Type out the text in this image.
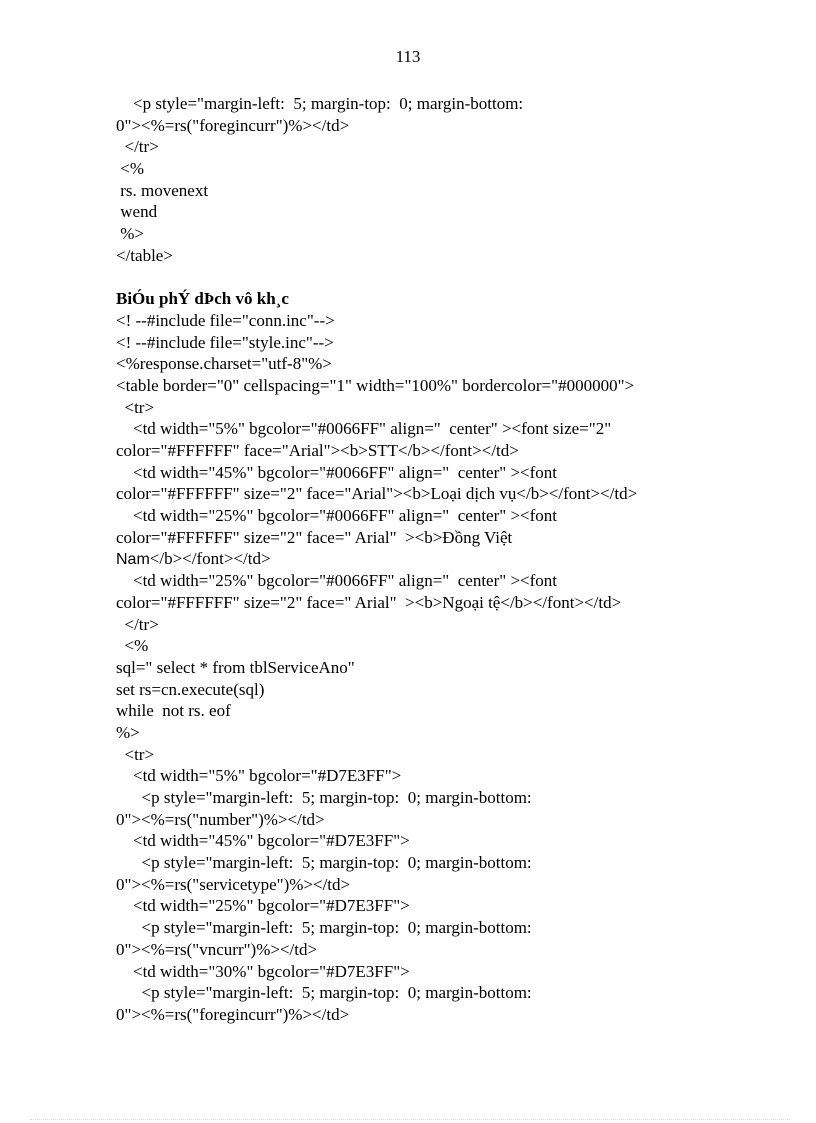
113
<p style="margin-left:  5; margin-top:  0; margin-bottom:
0"><%=rs("foregincurr")%></td>
</tr>
<%
rs. movenext
wend
%>
</table>
BiÓu phÝ dÞch vô kh¸c
<! --#include file="conn.inc"-->
<! --#include file="style.inc"-->
<%response.charset="utf-8"%>
<table border="0" cellspacing="1" width="100%" bordercolor="#000000">
<tr>
<td width="5%" bgcolor="#0066FF" align="  center" ><font size="2"
color="#FFFFFF" face="Arial"><b>STT</b></font></td>
<td width="45%" bgcolor="#0066FF" align="  center" ><font
color="#FFFFFF" size="2" face="Arial"><b>Loại dịch vụ</b></font></td>
<td width="25%" bgcolor="#0066FF" align="  center" ><font
color="#FFFFFF" size="2" face=" Arial"  ><b>Đồng Việt
Nam</b></font></td>
<td width="25%" bgcolor="#0066FF" align="  center" ><font
color="#FFFFFF" size="2" face=" Arial"  ><b>Ngoại tệ</b></font></td>
</tr>
<%
sql=" select * from tblServiceAno"
set rs=cn.execute(sql)
while  not rs. eof
%>
<tr>
<td width="5%" bgcolor="#D7E3FF">
<p style="margin-left:  5; margin-top:  0; margin-bottom:
0"><%=rs("number")%></td>
<td width="45%" bgcolor="#D7E3FF">
<p style="margin-left:  5; margin-top:  0; margin-bottom:
0"><%=rs("servicetype")%></td>
<td width="25%" bgcolor="#D7E3FF">
<p style="margin-left:  5; margin-top:  0; margin-bottom:
0"><%=rs("vncurr")%></td>
<td width="30%" bgcolor="#D7E3FF">
<p style="margin-left:  5; margin-top:  0; margin-bottom:
0"><%=rs("foregincurr")%></td>
